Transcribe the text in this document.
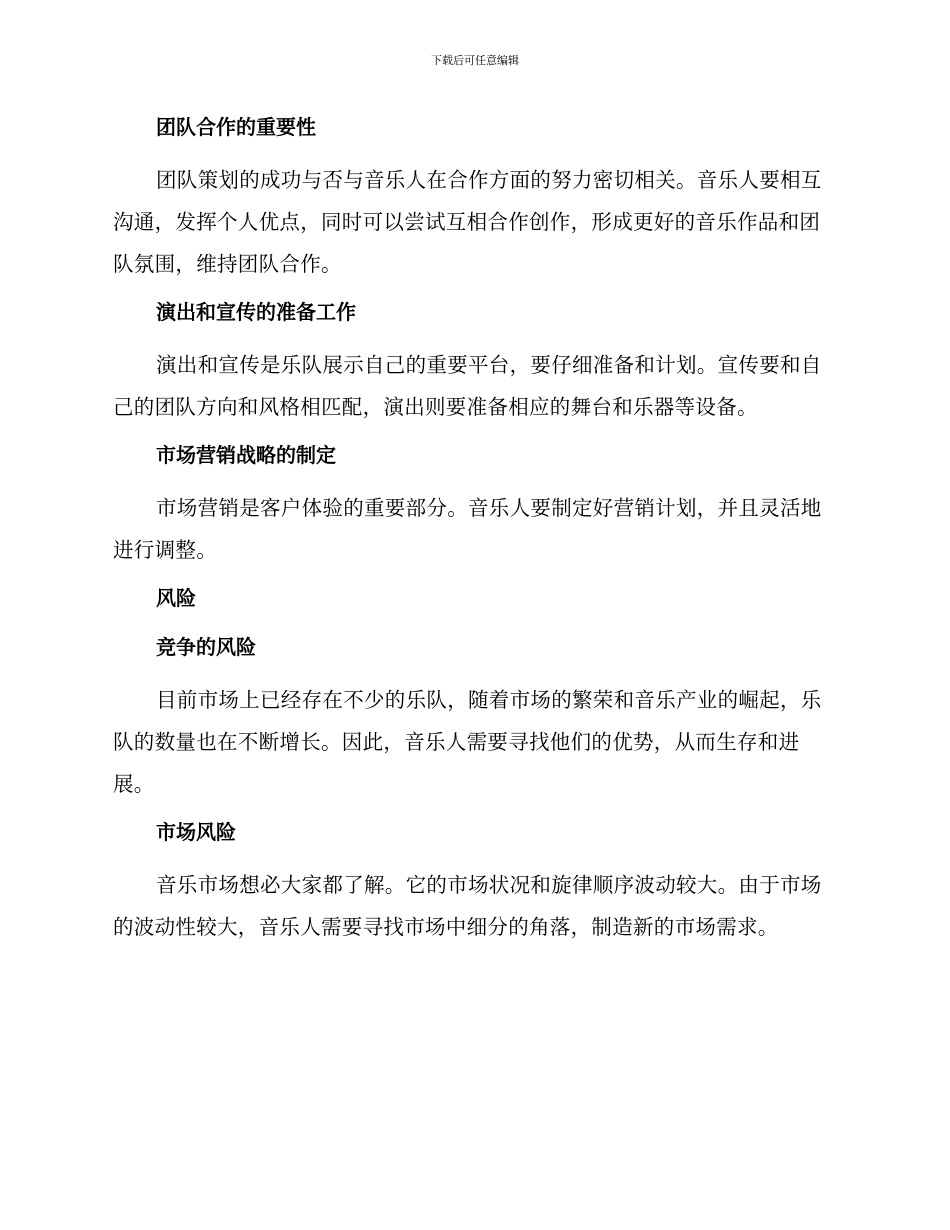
下载后可任意编辑
团队合作的重要性

团队策划的成功与否与音乐人在合作方面的努力密切相关。音乐人要相互沟通，发挥个人优点，同时可以尝试互相合作创作，形成更好的音乐作品和团队氛围，维持团队合作。

演出和宣传的准备工作

演出和宣传是乐队展示自己的重要平台，要仔细准备和计划。宣传要和自己的团队方向和风格相匹配，演出则要准备相应的舞台和乐器等设备。

市场营销战略的制定

市场营销是客户体验的重要部分。音乐人要制定好营销计划，并且灵活地进行调整。

风险
竞争的风险

目前市场上已经存在不少的乐队，随着市场的繁荣和音乐产业的崛起，乐队的数量也在不断增长。因此，音乐人需要寻找他们的优势，从而生存和进展。

市场风险

音乐市场想必大家都了解。它的市场状况和旋律顺序波动较大。由于市场的波动性较大，音乐人需要寻找市场中细分的角落，制造新的市场需求。
